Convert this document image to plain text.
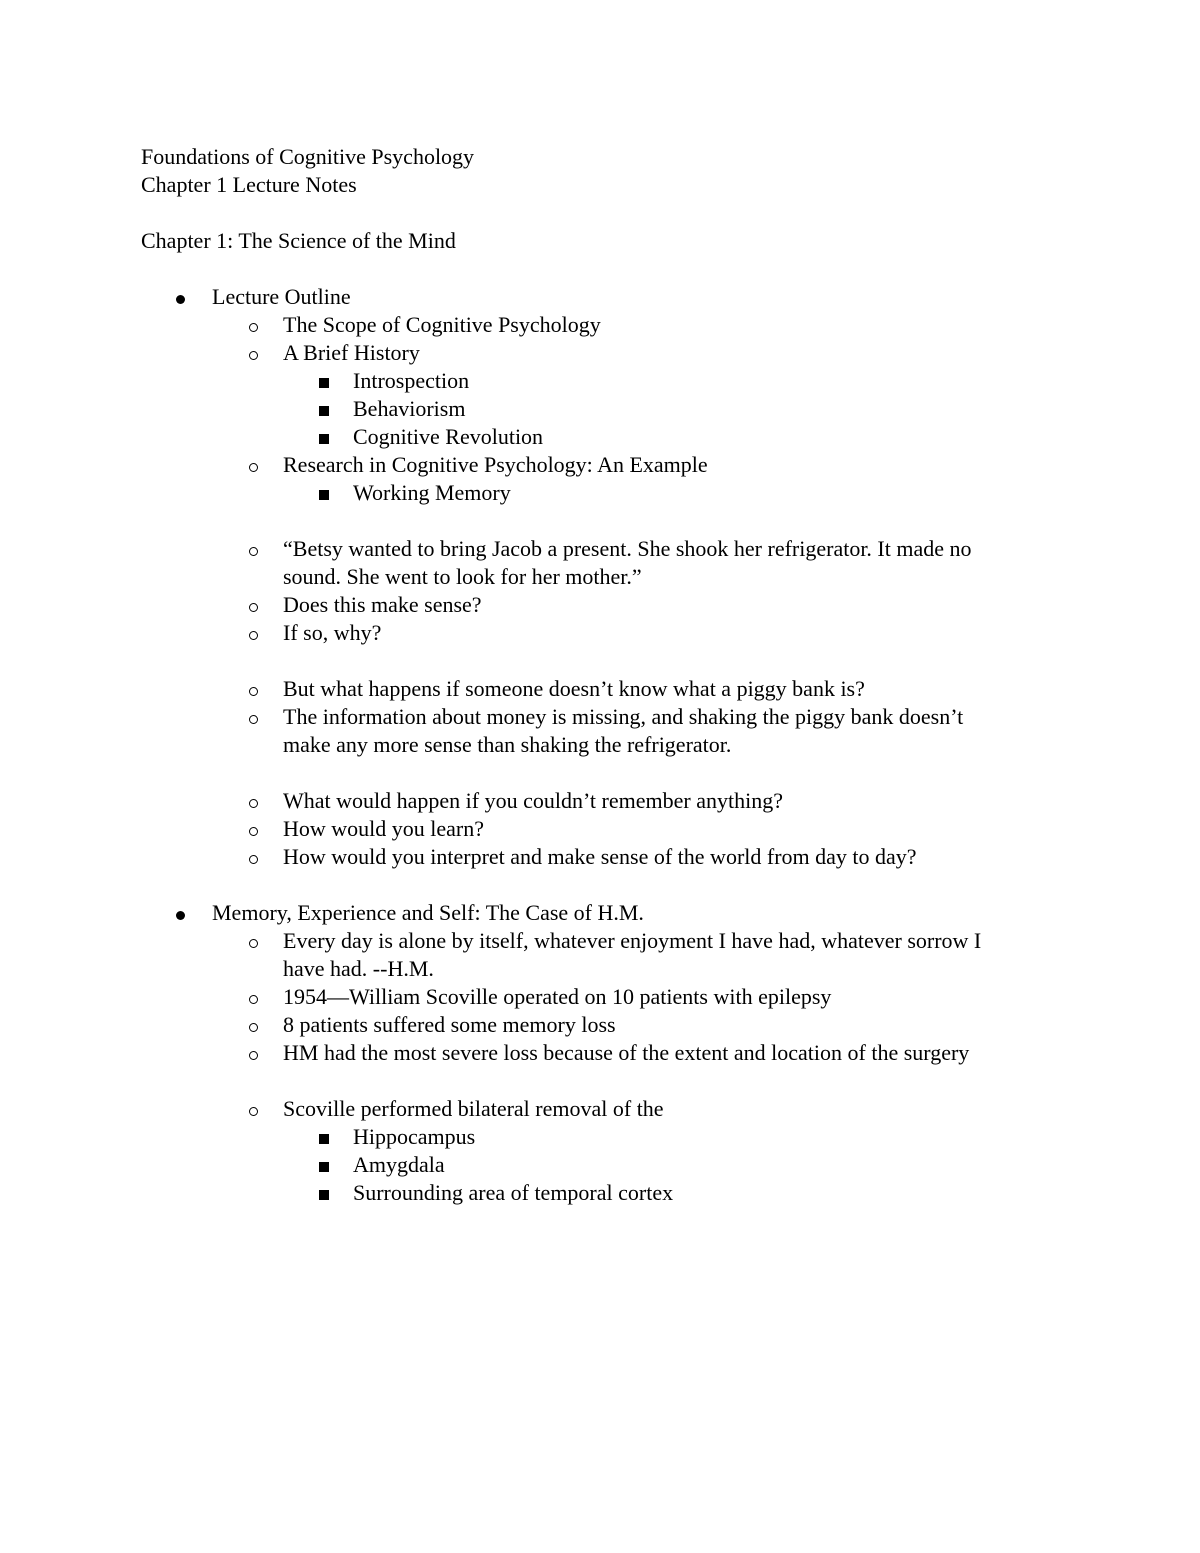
Foundations of Cognitive Psychology
Chapter 1 Lecture Notes
Chapter 1: The Science of the Mind
Lecture Outline
The Scope of Cognitive Psychology
A Brief History
Introspection
Behaviorism
Cognitive Revolution
Research in Cognitive Psychology: An Example
Working Memory
“Betsy wanted to bring Jacob a present. She shook her refrigerator. It made no
sound. She went to look for her mother.”
Does this make sense?
If so, why?
But what happens if someone doesn’t know what a piggy bank is?
The information about money is missing, and shaking the piggy bank doesn’t
make any more sense than shaking the refrigerator.
What would happen if you couldn’t remember anything?
How would you learn?
How would you interpret and make sense of the world from day to day?
Memory, Experience and Self: The Case of H.M.
Every day is alone by itself, whatever enjoyment I have had, whatever sorrow I
have had. --H.M.
1954—William Scoville operated on 10 patients with epilepsy
8 patients suffered some memory loss
HM had the most severe loss because of the extent and location of the surgery
Scoville performed bilateral removal of the
Hippocampus
Amygdala
Surrounding area of temporal cortex
